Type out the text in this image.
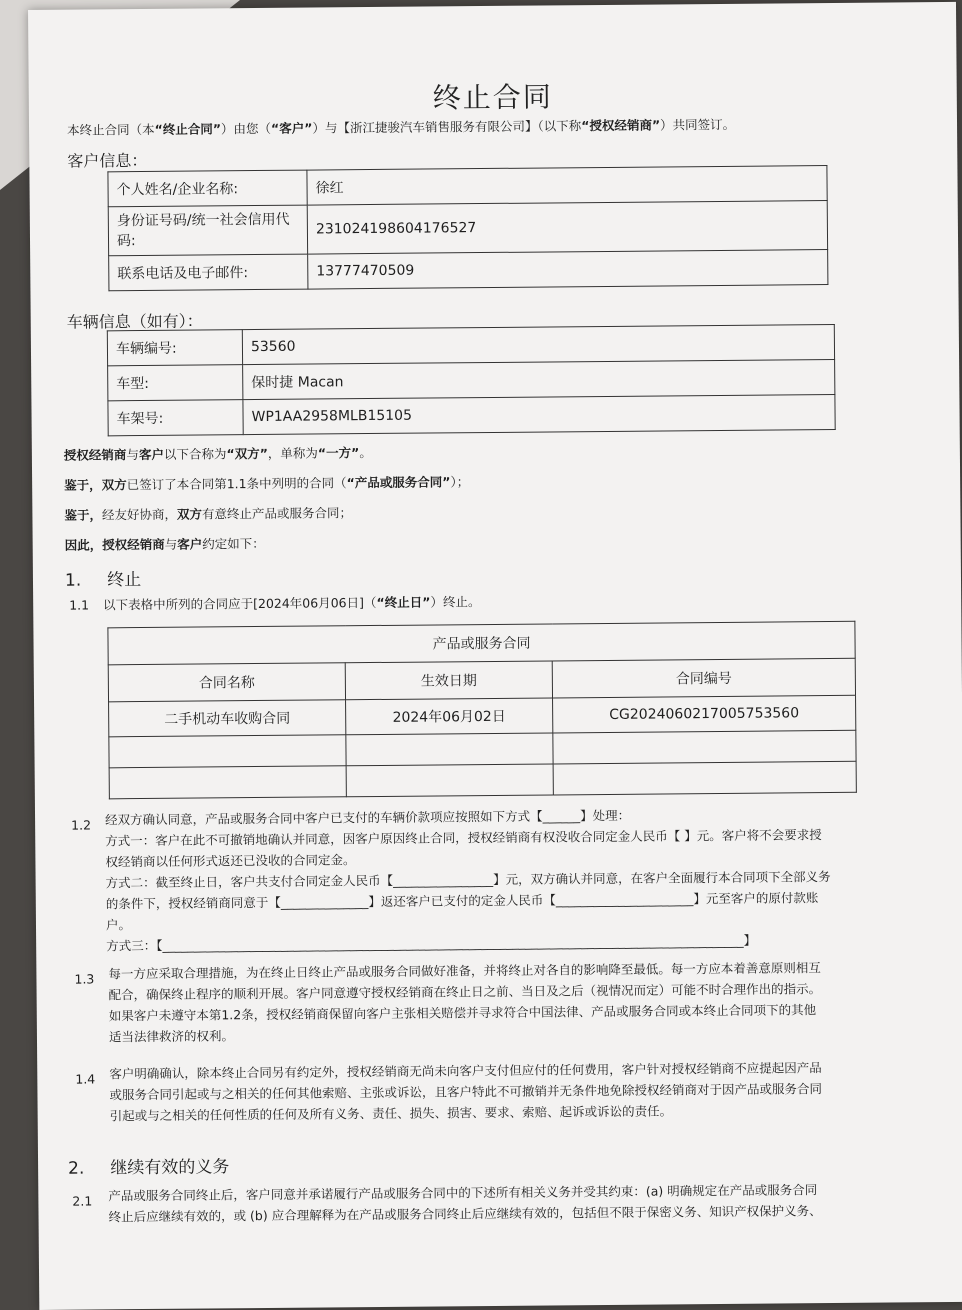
终止合同
本终止合同（本“终止合同”）由您（“客户”）与【浙江捷骏汽车销售服务有限公司】（以下称“授权经销商”）共同签订。
客户信息：
个人姓名/企业名称:	徐红
身份证号码/统一社会信用代码:	231024198604176527
联系电话及电子邮件:	13777470509
车辆信息（如有）：
车辆编号:	53560
车型:	保时捷 Macan
车架号:	WP1AA2958MLB15105
授权经销商与客户以下合称为“双方”，单称为“一方”。
鉴于，双方已签订了本合同第1.1条中列明的合同（“产品或服务合同”）；
鉴于，经友好协商，双方有意终止产品或服务合同；
因此，授权经销商与客户约定如下：
1. 终止
1.1 以下表格中所列的合同应于[2024年06月06日]（“终止日”）终止。
产品或服务合同		
合同名称	生效日期	合同编号
二手机动车收购合同	2024年06月02日	CG2024060217005753560

1.2 经双方确认同意，产品或服务合同中客户已支付的车辆价款项应按照如下方式【______】处理：
方式一：客户在此不可撤销地确认并同意，因客户原因终止合同，授权经销商有权没收合同定金人民币【 】元。客户将不会要求授
权经销商以任何形式返还已没收的合同定金。
方式二：截至终止日，客户共支付合同定金人民币【________________】元，双方确认并同意，在客户全面履行本合同项下全部义务
的条件下，授权经销商同意于【______________】返还客户已支付的定金人民币【______________________】元至客户的原付款账
户。
方式三：【_____________________________________________________________________________________________】
1.3 每一方应采取合理措施，为在终止日终止产品或服务合同做好准备，并将终止对各自的影响降至最低。每一方应本着善意原则相互
配合，确保终止程序的顺利开展。客户同意遵守授权经销商在终止日之前、当日及之后（视情况而定）可能不时合理作出的指示。
如果客户未遵守本第1.2条，授权经销商保留向客户主张相关赔偿并寻求符合中国法律、产品或服务合同或本终止合同项下的其他
适当法律救济的权利。
1.4 客户明确确认，除本终止合同另有约定外，授权经销商无尚未向客户支付但应付的任何费用，客户针对授权经销商不应提起因产品
或服务合同引起或与之相关的任何其他索赔、主张或诉讼，且客户特此不可撤销并无条件地免除授权经销商对于因产品或服务合同
引起或与之相关的任何性质的任何及所有义务、责任、损失、损害、要求、索赔、起诉或诉讼的责任。
2. 继续有效的义务
2.1 产品或服务合同终止后，客户同意并承诺履行产品或服务合同中的下述所有相关义务并受其约束：(a) 明确规定在产品或服务合同
终止后应继续有效的，或 (b) 应合理解释为在产品或服务合同终止后应继续有效的，包括但不限于保密义务、知识产权保护义务、
